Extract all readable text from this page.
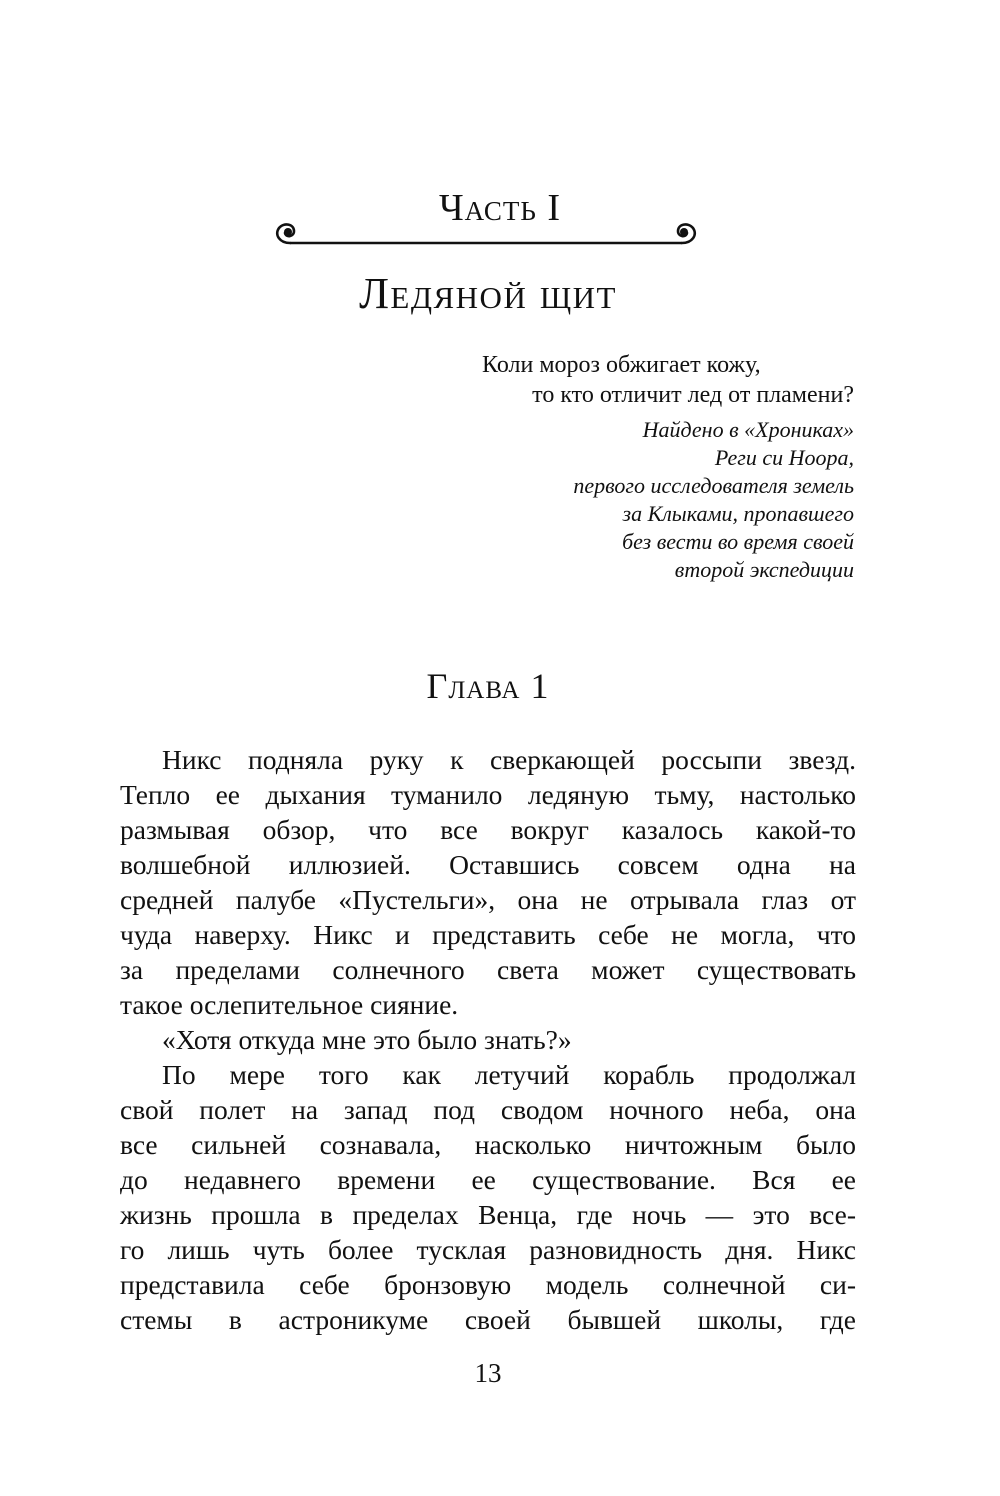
Часть I
Ледяной щит
Коли мороз обжигает кожу,
то кто отличит лед от пламени?
Найдено в «Хрониках»
Реги си Ноора,
первого исследователя земель
за Клыками, пропавшего
без вести во время своей
второй экспедиции
Глава 1
Никс подняла руку к сверкающей россыпи звезд.
Тепло ее дыхания туманило ледяную тьму, настолько
размывая обзор, что все вокруг казалось какой-то
волшебной иллюзией. Оставшись совсем одна на
средней палубе «Пустельги», она не отрывала глаз от
чуда наверху. Никс и представить себе не могла, что
за пределами солнечного света может существовать
такое ослепительное сияние.
«Хотя откуда мне это было знать?»
По мере того как летучий корабль продолжал
свой полет на запад под сводом ночного неба, она
все сильней сознавала, насколько ничтожным было
до недавнего времени ее существование. Вся ее
жизнь прошла в пределах Венца, где ночь — это все-
го лишь чуть более тусклая разновидность дня. Никс
представила себе бронзовую модель солнечной си-
стемы в астроникуме своей бывшей школы, где
13
